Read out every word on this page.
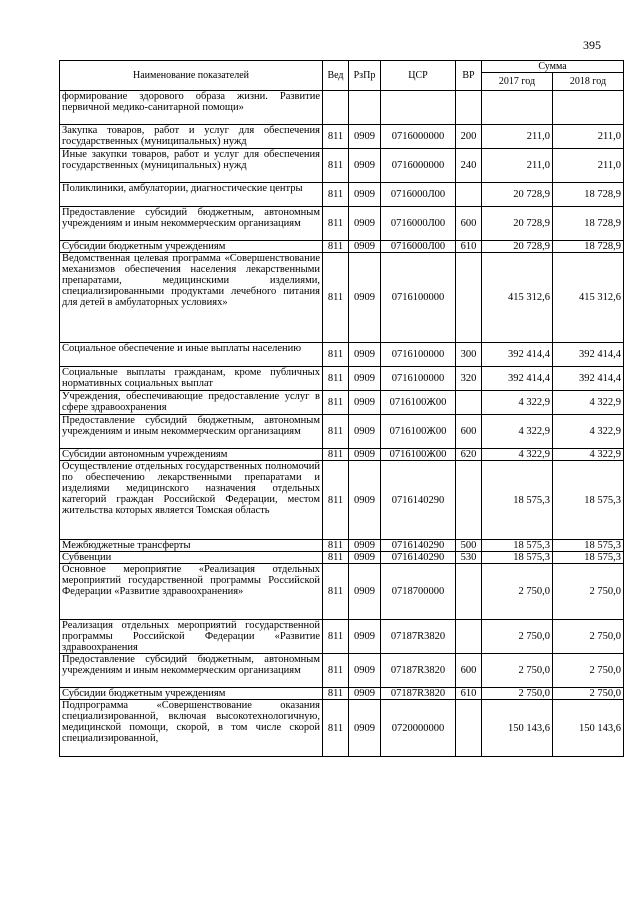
395
Наименование показателей	Вед	РзПр	ЦСР	ВР	Сумма	
					2017 год	2018 год
формирование здорового образа жизни. Развитие первичной медико-санитарной помощи»						
Закупка товаров, работ и услуг для обеспечения государственных (муниципальных) нужд	811	0909	0716000000	200	211,0	211,0
Иные закупки товаров, работ и услуг для обеспечения государственных (муниципальных) нужд	811	0909	0716000000	240	211,0	211,0
Поликлиники, амбулатории, диагностические центры	811	0909	0716000Л00		20 728,9	18 728,9
Предоставление субсидий бюджетным, автономным учреждениям и иным некоммерческим организациям	811	0909	0716000Л00	600	20 728,9	18 728,9
Субсидии бюджетным учреждениям	811	0909	0716000Л00	610	20 728,9	18 728,9
Ведомственная целевая программа «Совершенствование механизмов обеспечения населения лекарственными препаратами, медицинскими изделиями, специализированными продуктами лечебного питания для детей в амбулаторных условиях»	811	0909	0716100000		415 312,6	415 312,6
Социальное обеспечение и иные выплаты населению	811	0909	0716100000	300	392 414,4	392 414,4
Социальные выплаты гражданам, кроме публичных нормативных социальных выплат	811	0909	0716100000	320	392 414,4	392 414,4
Учреждения, обеспечивающие предоставление услуг в сфере здравоохранения	811	0909	0716100Ж00		4 322,9	4 322,9
Предоставление субсидий бюджетным, автономным учреждениям и иным некоммерческим организациям	811	0909	0716100Ж00	600	4 322,9	4 322,9
Субсидии автономным учреждениям	811	0909	0716100Ж00	620	4 322,9	4 322,9
Осуществление отдельных государственных полномочий по обеспечению лекарственными препаратами и изделиями медицинского назначения отдельных категорий граждан Российской Федерации, местом жительства которых является Томская область	811	0909	0716140290		18 575,3	18 575,3
Межбюджетные трансферты	811	0909	0716140290	500	18 575,3	18 575,3
Субвенции	811	0909	0716140290	530	18 575,3	18 575,3
Основное мероприятие «Реализация отдельных мероприятий государственной программы Российской Федерации «Развитие здравоохранения»	811	0909	0718700000		2 750,0	2 750,0
Реализация отдельных мероприятий государственной программы Российской Федерации «Развитие здравоохранения	811	0909	07187R3820		2 750,0	2 750,0
Предоставление субсидий бюджетным, автономным учреждениям и иным некоммерческим организациям	811	0909	07187R3820	600	2 750,0	2 750,0
Субсидии бюджетным учреждениям	811	0909	07187R3820	610	2 750,0	2 750,0
Подпрограмма «Совершенствование оказания специализированной, включая высокотехнологичную, медицинской помощи, скорой, в том числе скорой специализированной,	811	0909	0720000000		150 143,6	150 143,6
